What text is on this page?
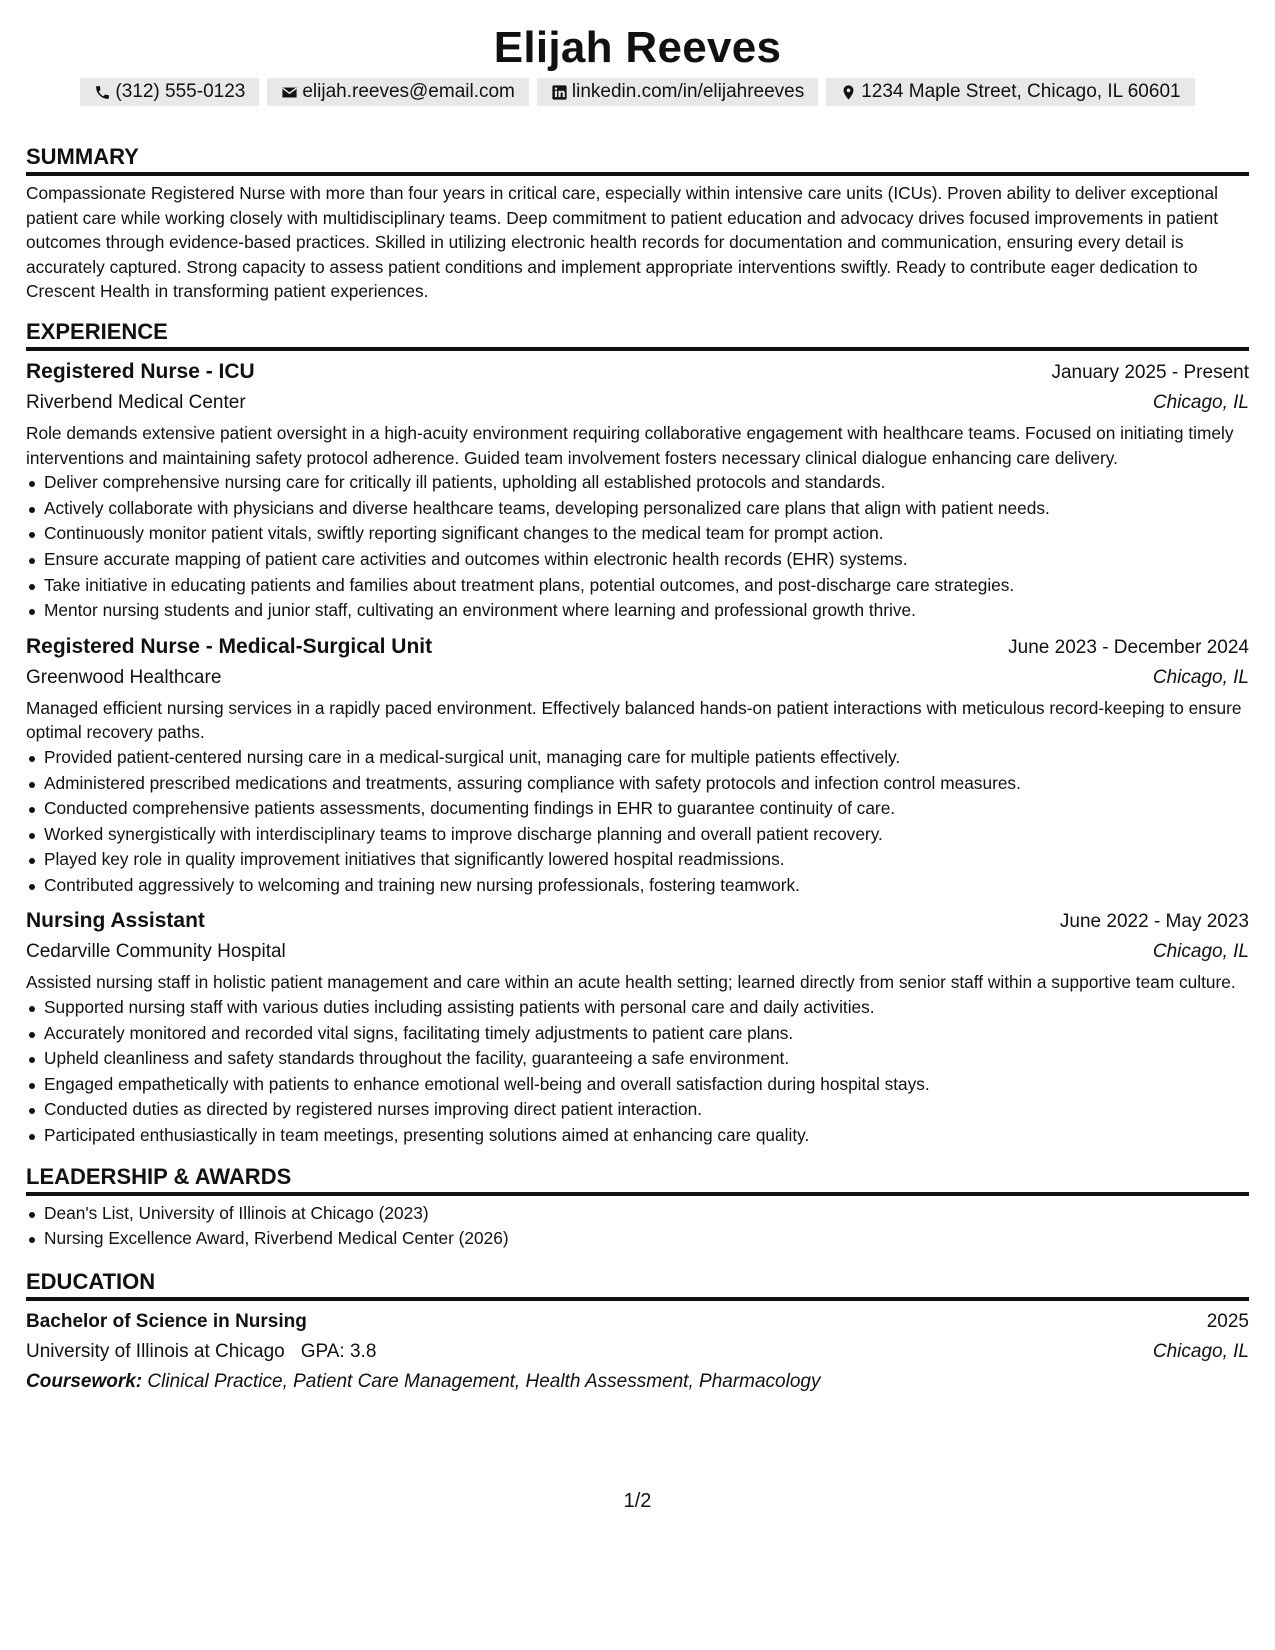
Elijah Reeves
(312) 555-0123	elijah.reeves@email.com	linkedin.com/in/elijahreeves	1234 Maple Street, Chicago, IL 60601
SUMMARY
Compassionate Registered Nurse with more than four years in critical care, especially within intensive care units (ICUs). Proven ability to deliver exceptional patient care while working closely with multidisciplinary teams. Deep commitment to patient education and advocacy drives focused improvements in patient outcomes through evidence-based practices. Skilled in utilizing electronic health records for documentation and communication, ensuring every detail is accurately captured. Strong capacity to assess patient conditions and implement appropriate interventions swiftly. Ready to contribute eager dedication to Crescent Health in transforming patient experiences.
EXPERIENCE
Registered Nurse - ICU	January 2025 - Present
Riverbend Medical Center	Chicago, IL
Role demands extensive patient oversight in a high-acuity environment requiring collaborative engagement with healthcare teams. Focused on initiating timely interventions and maintaining safety protocol adherence. Guided team involvement fosters necessary clinical dialogue enhancing care delivery.
Deliver comprehensive nursing care for critically ill patients, upholding all established protocols and standards.
Actively collaborate with physicians and diverse healthcare teams, developing personalized care plans that align with patient needs.
Continuously monitor patient vitals, swiftly reporting significant changes to the medical team for prompt action.
Ensure accurate mapping of patient care activities and outcomes within electronic health records (EHR) systems.
Take initiative in educating patients and families about treatment plans, potential outcomes, and post-discharge care strategies.
Mentor nursing students and junior staff, cultivating an environment where learning and professional growth thrive.
Registered Nurse - Medical-Surgical Unit	June 2023 - December 2024
Greenwood Healthcare	Chicago, IL
Managed efficient nursing services in a rapidly paced environment. Effectively balanced hands-on patient interactions with meticulous record-keeping to ensure optimal recovery paths.
Provided patient-centered nursing care in a medical-surgical unit, managing care for multiple patients effectively.
Administered prescribed medications and treatments, assuring compliance with safety protocols and infection control measures.
Conducted comprehensive patients assessments, documenting findings in EHR to guarantee continuity of care.
Worked synergistically with interdisciplinary teams to improve discharge planning and overall patient recovery.
Played key role in quality improvement initiatives that significantly lowered hospital readmissions.
Contributed aggressively to welcoming and training new nursing professionals, fostering teamwork.
Nursing Assistant	June 2022 - May 2023
Cedarville Community Hospital	Chicago, IL
Assisted nursing staff in holistic patient management and care within an acute health setting; learned directly from senior staff within a supportive team culture.
Supported nursing staff with various duties including assisting patients with personal care and daily activities.
Accurately monitored and recorded vital signs, facilitating timely adjustments to patient care plans.
Upheld cleanliness and safety standards throughout the facility, guaranteeing a safe environment.
Engaged empathetically with patients to enhance emotional well-being and overall satisfaction during hospital stays.
Conducted duties as directed by registered nurses improving direct patient interaction.
Participated enthusiastically in team meetings, presenting solutions aimed at enhancing care quality.
LEADERSHIP & AWARDS
Dean's List, University of Illinois at Chicago (2023)
Nursing Excellence Award, Riverbend Medical Center (2026)
EDUCATION
Bachelor of Science in Nursing	2025
University of Illinois at Chicago GPA: 3.8	Chicago, IL
Coursework: Clinical Practice, Patient Care Management, Health Assessment, Pharmacology
1/2
